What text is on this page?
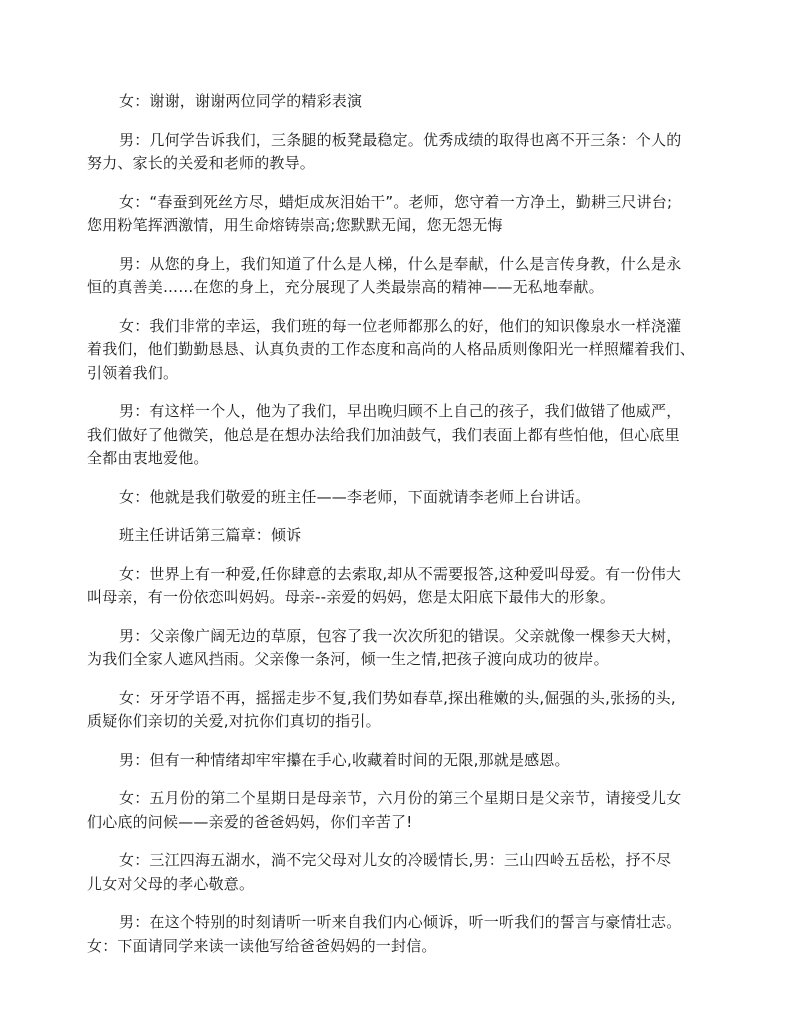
女：谢谢，谢谢两位同学的精彩表演

男：几何学告诉我们，三条腿的板凳最稳定。优秀成绩的取得也离不开三条：个人的
努力、家长的关爱和老师的教导。

女：“春蚕到死丝方尽，蜡炬成灰泪始干”。老师，您守着一方净土，勤耕三尺讲台;
您用粉笔挥洒激情，用生命熔铸崇高;您默默无闻，您无怨无悔

男：从您的身上，我们知道了什么是人梯，什么是奉献，什么是言传身教，什么是永
恒的真善美……在您的身上，充分展现了人类最崇高的精神——无私地奉献。

女：我们非常的幸运，我们班的每一位老师都那么的好，他们的知识像泉水一样浇灌
着我们，他们勤勤恳恳、认真负责的工作态度和高尚的人格品质则像阳光一样照耀着我们、
引领着我们。

男：有这样一个人，他为了我们，早出晚归顾不上自己的孩子，我们做错了他威严，
我们做好了他微笑，他总是在想办法给我们加油鼓气，我们表面上都有些怕他，但心底里
全都由衷地爱他。

女：他就是我们敬爱的班主任——李老师，下面就请李老师上台讲话。

班主任讲话第三篇章：倾诉

女：世界上有一种爱,任你肆意的去索取,却从不需要报答,这种爱叫母爱。有一份伟大
叫母亲，有一份依恋叫妈妈。母亲--亲爱的妈妈，您是太阳底下最伟大的形象。

男：父亲像广阔无边的草原，包容了我一次次所犯的错误。父亲就像一棵参天大树，
为我们全家人遮风挡雨。父亲像一条河，倾一生之情,把孩子渡向成功的彼岸。

女：牙牙学语不再，摇摇走步不复,我们势如春草,探出稚嫩的头,倔强的头,张扬的头,
质疑你们亲切的关爱,对抗你们真切的指引。

男：但有一种情绪却牢牢攥在手心,收藏着时间的无限,那就是感恩。

女：五月份的第二个星期日是母亲节，六月份的第三个星期日是父亲节，请接受儿女
们心底的问候——亲爱的爸爸妈妈，你们辛苦了!

女：三江四海五湖水，淌不完父母对儿女的冷暖情长,男：三山四岭五岳松，抒不尽
儿女对父母的孝心敬意。

男：在这个特别的时刻请听一听来自我们内心倾诉，听一听我们的誓言与豪情壮志。
女：下面请同学来读一读他写给爸爸妈妈的一封信。
